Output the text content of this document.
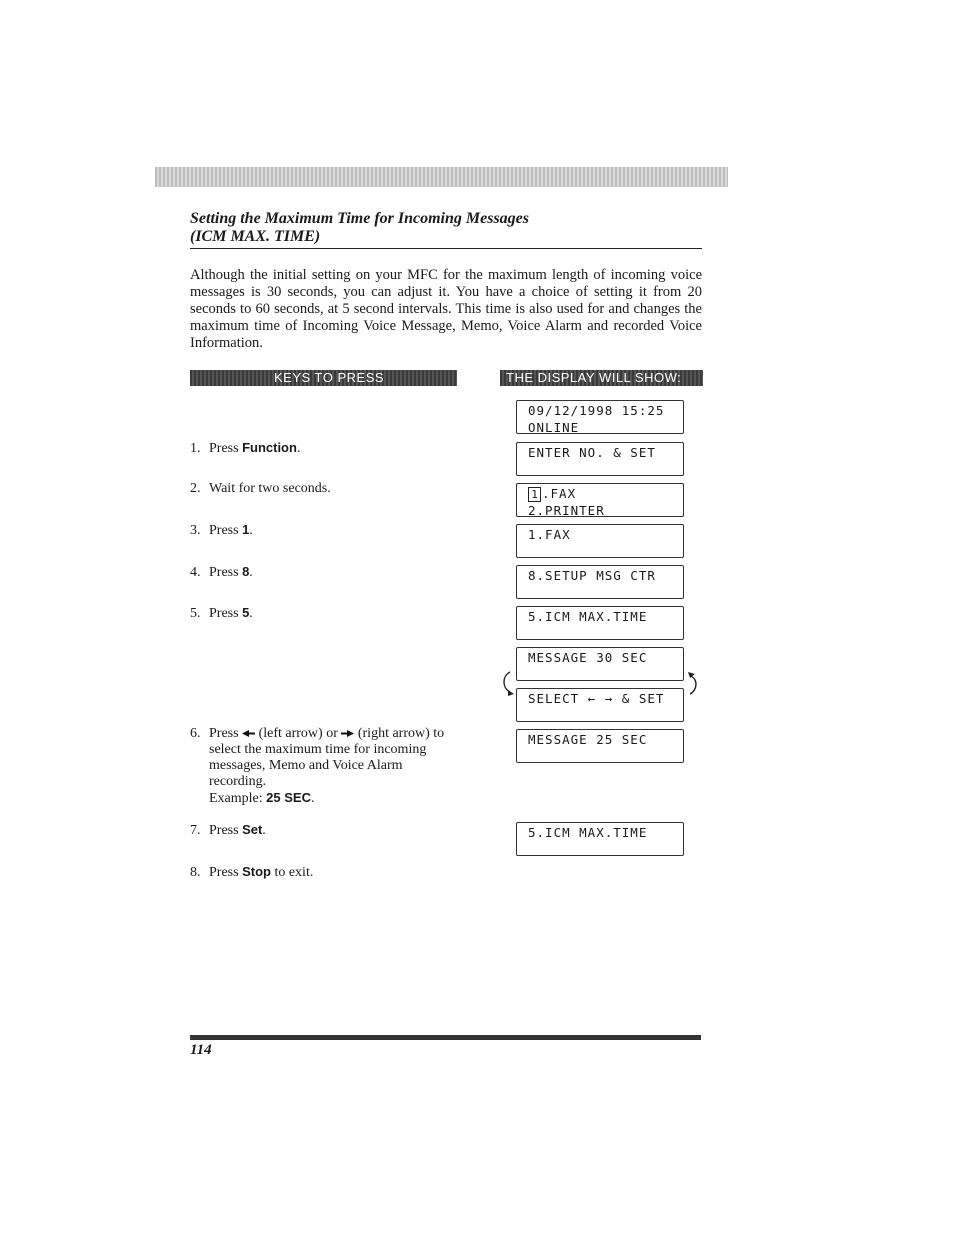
Setting the Maximum Time for Incoming Messages
(ICM MAX. TIME)
Although the initial setting on your MFC for the maximum length of incoming voice messages is 30 seconds, you can adjust it. You have a choice of setting it from 20 seconds to 60 seconds, at 5 second intervals. This time is also used for and changes the maximum time of Incoming Voice Message, Memo, Voice Alarm and recorded Voice Information.
KEYS TO PRESS	THE DISPLAY WILL SHOW:
1. Press Function.
2. Wait for two seconds.
3. Press 1.
4. Press 8.
5. Press 5.
6. Press  (left arrow) or  (right arrow) to
select the maximum time for incoming
messages, Memo and Voice Alarm
recording.
Example: 25 SEC.
7. Press Set.
8. Press Stop to exit.
09/12/1998 15:25
ONLINE
ENTER NO. & SET
1 .FAX
2.PRINTER
1.FAX
8.SETUP MSG CTR
5.ICM MAX.TIME
MESSAGE 30 SEC
SELECT ← → & SET
MESSAGE 25 SEC
5.ICM MAX.TIME
114
